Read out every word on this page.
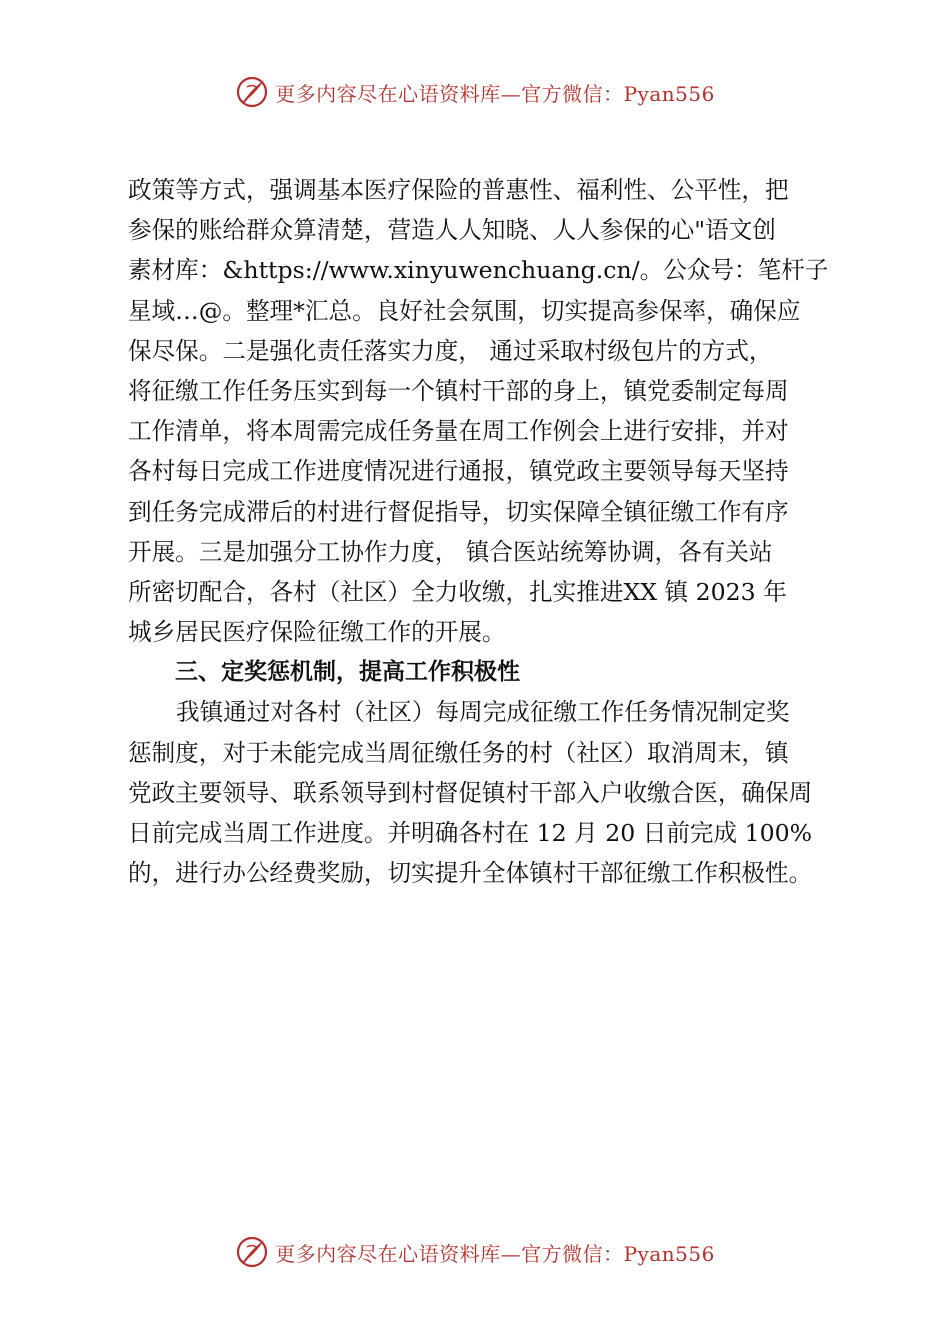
更多内容尽在心语资料库—官方微信：Pyan556
政策等方式，强调基本医疗保险的普惠性、福利性、公平性，把
参保的账给群众算清楚，营造人人知晓、人人参保的心"语文创
素材库：&https://www.xinyuwenchuang.cn/。公众号：笔杆子
星域…@。整理*汇总。良好社会氛围，切实提高参保率，确保应
保尽保。二是强化责任落实力度， 通过采取村级包片的方式，
将征缴工作任务压实到每一个镇村干部的身上，镇党委制定每周
工作清单，将本周需完成任务量在周工作例会上进行安排，并对
各村每日完成工作进度情况进行通报，镇党政主要领导每天坚持
到任务完成滞后的村进行督促指导，切实保障全镇征缴工作有序
开展。三是加强分工协作力度， 镇合医站统筹协调，各有关站
所密切配合，各村（社区）全力收缴，扎实推进XX 镇 2023 年
城乡居民医疗保险征缴工作的开展。
三、定奖惩机制，提高工作积极性
我镇通过对各村（社区）每周完成征缴工作任务情况制定奖
惩制度，对于未能完成当周征缴任务的村（社区）取消周末，镇
党政主要领导、联系领导到村督促镇村干部入户收缴合医，确保周
日前完成当周工作进度。并明确各村在 12 月 20 日前完成 100%
的，进行办公经费奖励，切实提升全体镇村干部征缴工作积极性。
更多内容尽在心语资料库—官方微信：Pyan556
